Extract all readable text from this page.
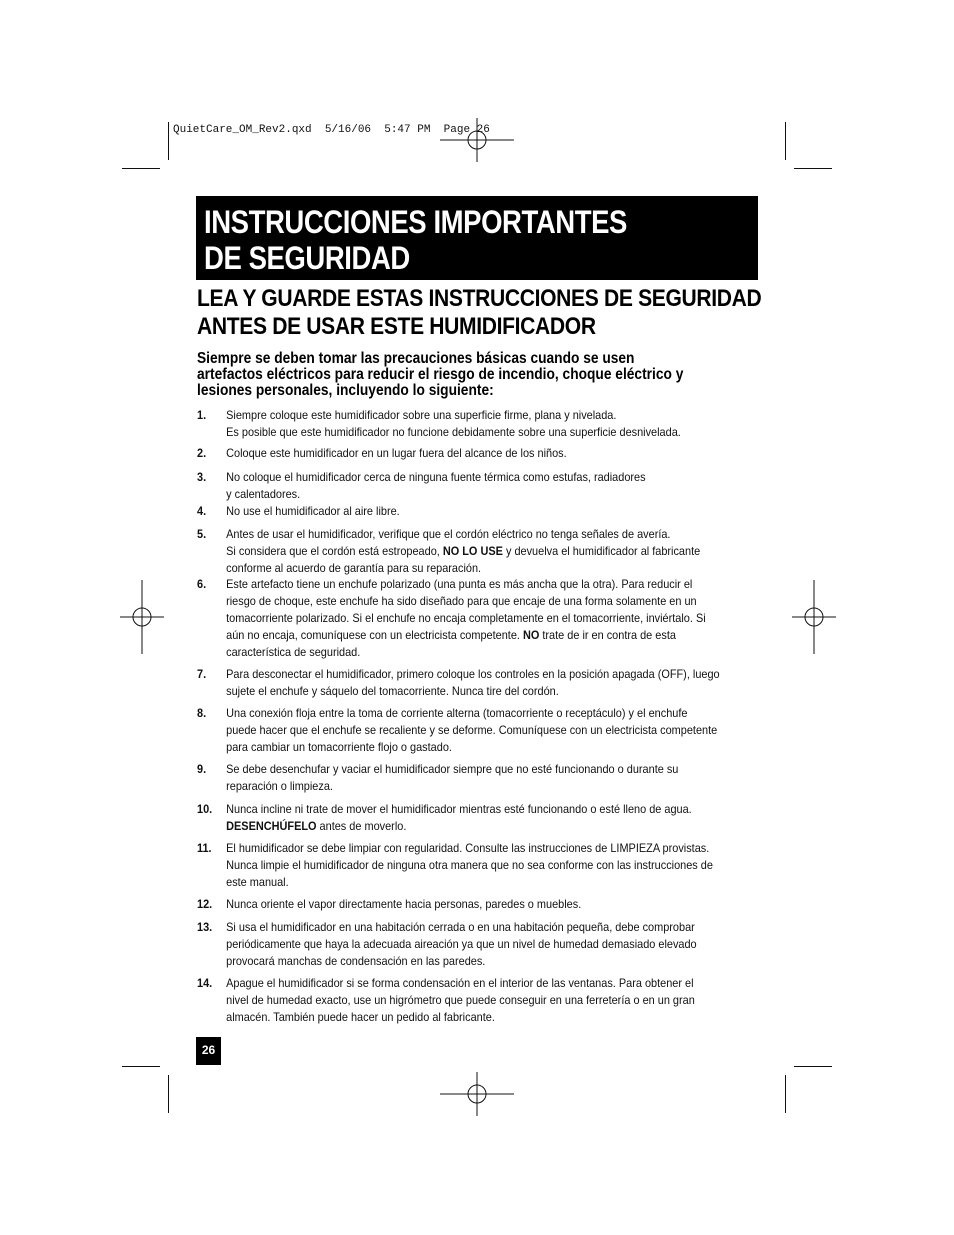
QuietCare_OM_Rev2.qxd  5/16/06  5:47 PM  Page 26
INSTRUCCIONES IMPORTANTES
DE SEGURIDAD
LEA Y GUARDE ESTAS INSTRUCCIONES DE SEGURIDAD
ANTES DE USAR ESTE HUMIDIFICADOR

Siempre se deben tomar las precauciones básicas cuando se usen
artefactos eléctricos para reducir el riesgo de incendio, choque eléctrico y
lesiones personales, incluyendo lo siguiente:

1. Siempre coloque este humidificador sobre una superficie firme, plana y nivelada.
Es posible que este humidificador no funcione debidamente sobre una superficie desnivelada.
2. Coloque este humidificador en un lugar fuera del alcance de los niños.
3. No coloque el humidificador cerca de ninguna fuente térmica como estufas, radiadores
y calentadores.
4. No use el humidificador al aire libre.
5. Antes de usar el humidificador, verifique que el cordón eléctrico no tenga señales de avería.
Si considera que el cordón está estropeado, NO LO USE y devuelva el humidificador al fabricante
conforme al acuerdo de garantía para su reparación.
6. Este artefacto tiene un enchufe polarizado (una punta es más ancha que la otra). Para reducir el
riesgo de choque, este enchufe ha sido diseñado para que encaje de una forma solamente en un
tomacorriente polarizado. Si el enchufe no encaja completamente en el tomacorriente, inviértalo. Si
aún no encaja, comuníquese con un electricista competente. NO trate de ir en contra de esta
característica de seguridad.
7. Para desconectar el humidificador, primero coloque los controles en la posición apagada (OFF), luego
sujete el enchufe y sáquelo del tomacorriente. Nunca tire del cordón.
8. Una conexión floja entre la toma de corriente alterna (tomacorriente o receptáculo) y el enchufe
puede hacer que el enchufe se recaliente y se deforme. Comuníquese con un electricista competente
para cambiar un tomacorriente flojo o gastado.
9. Se debe desenchufar y vaciar el humidificador siempre que no esté funcionando o durante su
reparación o limpieza.
10. Nunca incline ni trate de mover el humidificador mientras esté funcionando o esté lleno de agua.
DESENCHÚFELO antes de moverlo.
11. El humidificador se debe limpiar con regularidad. Consulte las instrucciones de LIMPIEZA provistas.
Nunca limpie el humidificador de ninguna otra manera que no sea conforme con las instrucciones de
este manual.
12. Nunca oriente el vapor directamente hacia personas, paredes o muebles.
13. Si usa el humidificador en una habitación cerrada o en una habitación pequeña, debe comprobar
periódicamente que haya la adecuada aireación ya que un nivel de humedad demasiado elevado
provocará manchas de condensación en las paredes.
14. Apague el humidificador si se forma condensación en el interior de las ventanas. Para obtener el
nivel de humedad exacto, use un higrómetro que puede conseguir en una ferretería o en un gran
almacén. También puede hacer un pedido al fabricante.
26
